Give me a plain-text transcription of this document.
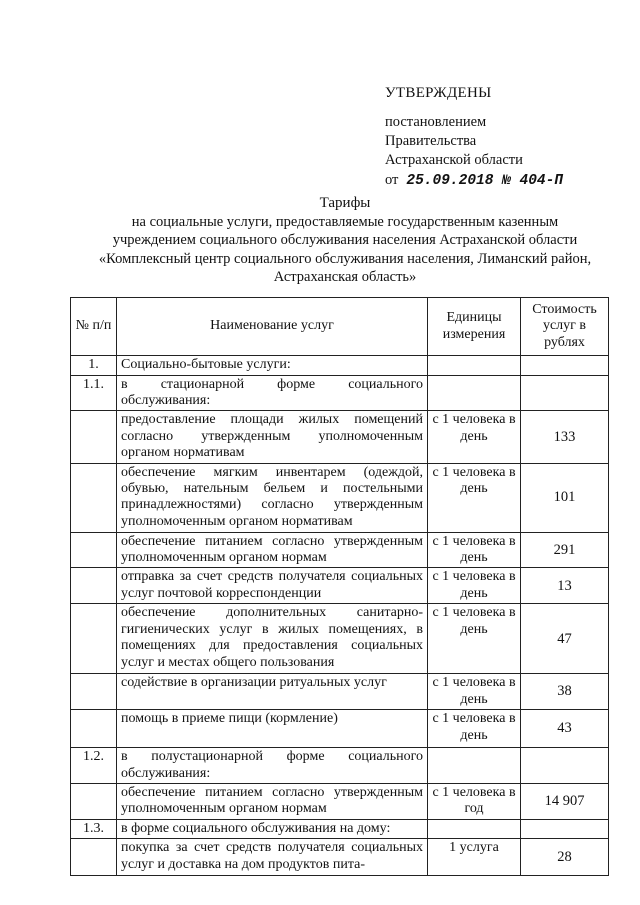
УТВЕРЖДЕНЫ
постановлением
Правительства
Астраханской области
от 25.09.2018 № 404-П
Тарифы
на социальные услуги, предоставляемые государственным казенным
учреждением социального обслуживания населения Астраханской области
«Комплексный центр социального обслуживания населения, Лиманский район,
Астраханская область»
№ п/п	Наименование услуг	Единицы измерения	Стоимость услуг в рублях
1.	Социально-бытовые услуги:		
1.1.	в стационарной форме социального обслуживания:		
	предоставление площади жилых помещений согласно утвержденным уполномоченным органом нормативам	с 1 человека в день	133
	обеспечение мягким инвентарем (одеждой, обувью, нательным бельем и постельными принадлежностями) согласно утвержденным уполномоченным органом нормативам	с 1 человека в день	101
	обеспечение питанием согласно утвержденным уполномоченным органом нормам	с 1 человека в день	291
	отправка за счет средств получателя социальных услуг почтовой корреспонденции	с 1 человека в день	13
	обеспечение дополнительных санитарно-гигиенических услуг в жилых помещениях, в помещениях для предоставления социальных услуг и местах общего пользования	с 1 человека в день	47
	содействие в организации ритуальных услуг	с 1 человека в день	38
	помощь в приеме пищи (кормление)	с 1 человека в день	43
1.2.	в полустационарной форме социального обслуживания:		
	обеспечение питанием согласно утвержденным уполномоченным органом нормам	с 1 человека в год	14 907
1.3.	в форме социального обслуживания на дому:		
	покупка за счет средств получателя социальных услуг и доставка на дом продуктов пита-	1 услуга	28
